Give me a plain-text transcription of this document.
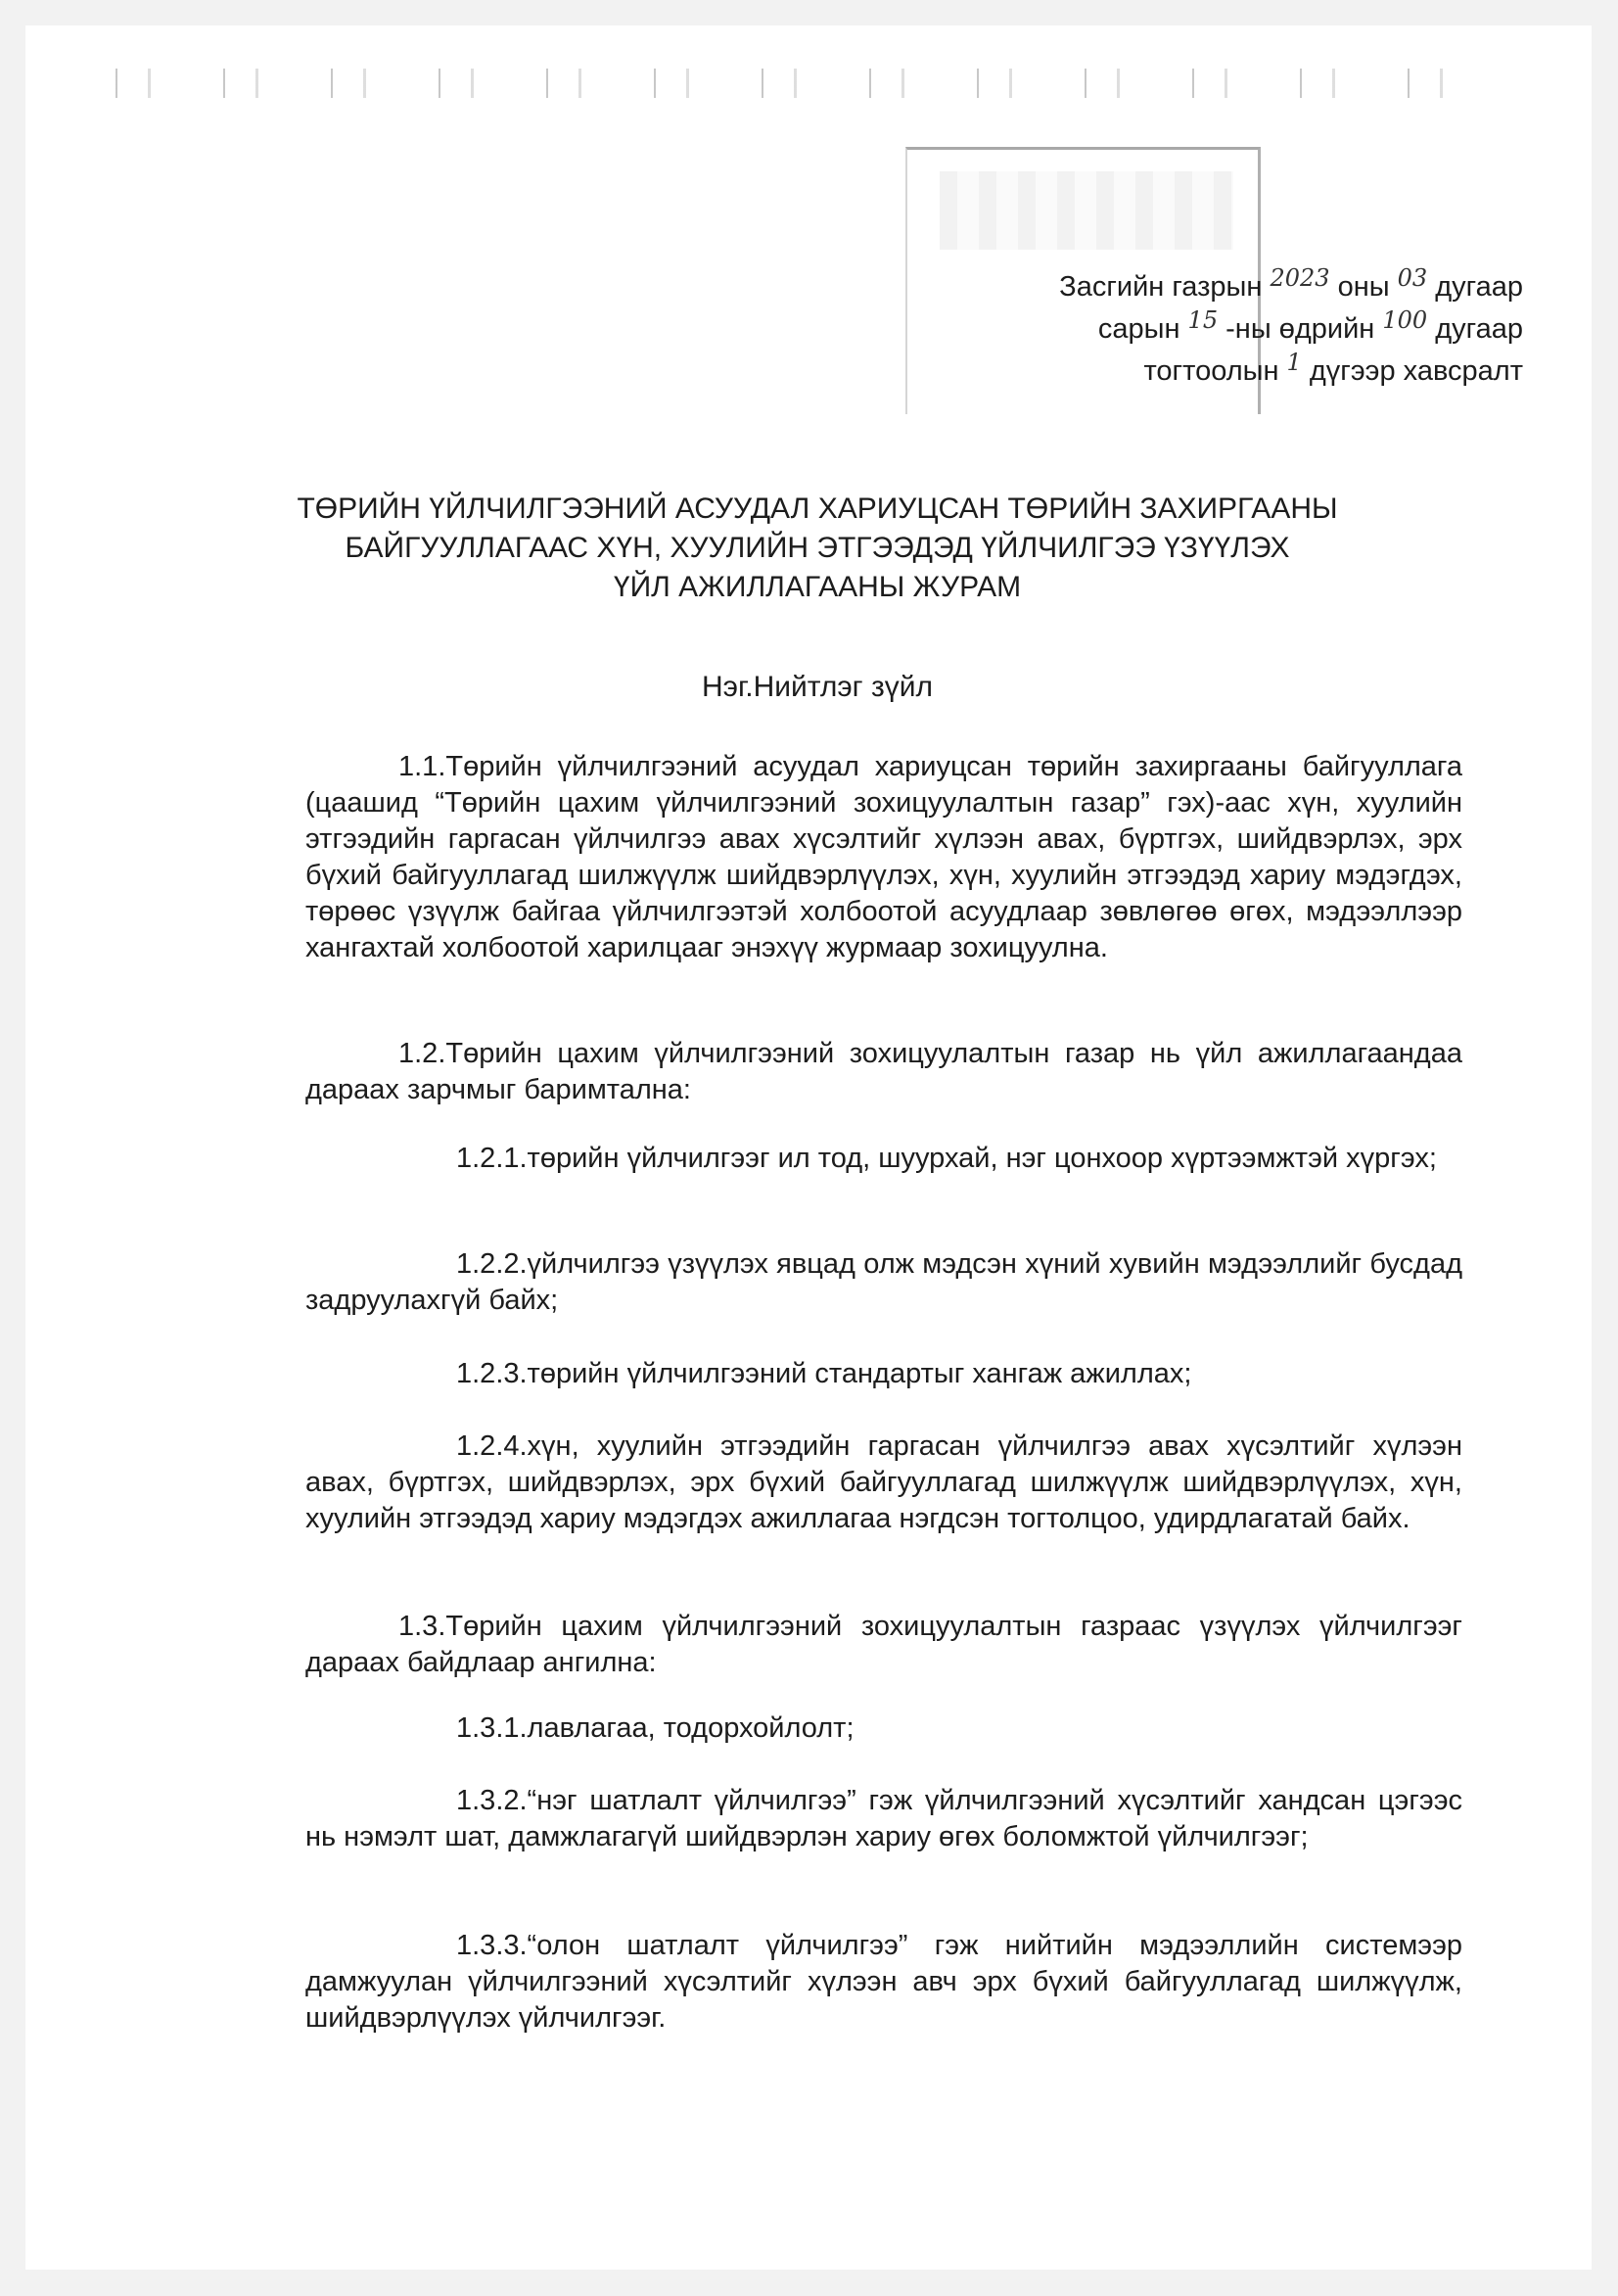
Засгийн газрын $^{2023}$ оны $^{03}$ дугаар
сарын $^{15}$ -ны өдрийн $^{100}$ дугаар
тогтоолын $^1$ дүгээр хавсралт
ТӨРИЙН ҮЙЛЧИЛГЭЭНИЙ АСУУДАЛ ХАРИУЦСАН ТӨРИЙН ЗАХИРГААНЫ
БАЙГУУЛЛАГААС ХҮН, ХУУЛИЙН ЭТГЭЭДЭД ҮЙЛЧИЛГЭЭ ҮЗҮҮЛЭХ
ҮЙЛ АЖИЛЛАГААНЫ ЖУРАМ
Нэг.Нийтлэг зүйл
1.1.Төрийн үйлчилгээний асуудал хариуцсан төрийн захиргааны байгууллага (цаашид “Төрийн цахим үйлчилгээний зохицуулалтын газар” гэх)-аас хүн, хуулийн этгээдийн гаргасан үйлчилгээ авах хүсэлтийг хүлээн авах, бүртгэх, шийдвэрлэх, эрх бүхий байгууллагад шилжүүлж шийдвэрлүүлэх, хүн, хуулийн этгээдэд хариу мэдэгдэх, төрөөс үзүүлж байгаа үйлчилгээтэй холбоотой асуудлаар зөвлөгөө өгөх, мэдээллээр хангахтай холбоотой харилцааг энэхүү журмаар зохицуулна.
1.2.Төрийн цахим үйлчилгээний зохицуулалтын газар нь үйл ажиллагаандаа дараах зарчмыг баримтална:
1.2.1.төрийн үйлчилгээг ил тод, шуурхай, нэг цонхоор хүртээмжтэй хүргэх;
1.2.2.үйлчилгээ үзүүлэх явцад олж мэдсэн хүний хувийн мэдээллийг бусдад задруулахгүй байх;
1.2.3.төрийн үйлчилгээний стандартыг хангаж ажиллах;
1.2.4.хүн, хуулийн этгээдийн гаргасан үйлчилгээ авах хүсэлтийг хүлээн авах, бүртгэх, шийдвэрлэх, эрх бүхий байгууллагад шилжүүлж шийдвэрлүүлэх, хүн, хуулийн этгээдэд хариу мэдэгдэх ажиллагаа нэгдсэн тогтолцоо, удирдлагатай байх.
1.3.Төрийн цахим үйлчилгээний зохицуулалтын газраас үзүүлэх үйлчилгээг дараах байдлаар ангилна:
1.3.1.лавлагаа, тодорхойлолт;
1.3.2.“нэг шатлалт үйлчилгээ” гэж үйлчилгээний хүсэлтийг хандсан цэгээс нь нэмэлт шат, дамжлагагүй шийдвэрлэн хариу өгөх боломжтой үйлчилгээг;
1.3.3.“олон шатлалт үйлчилгээ” гэж нийтийн мэдээллийн системээр дамжуулан үйлчилгээний хүсэлтийг хүлээн авч эрх бүхий байгууллагад шилжүүлж, шийдвэрлүүлэх үйлчилгээг.
